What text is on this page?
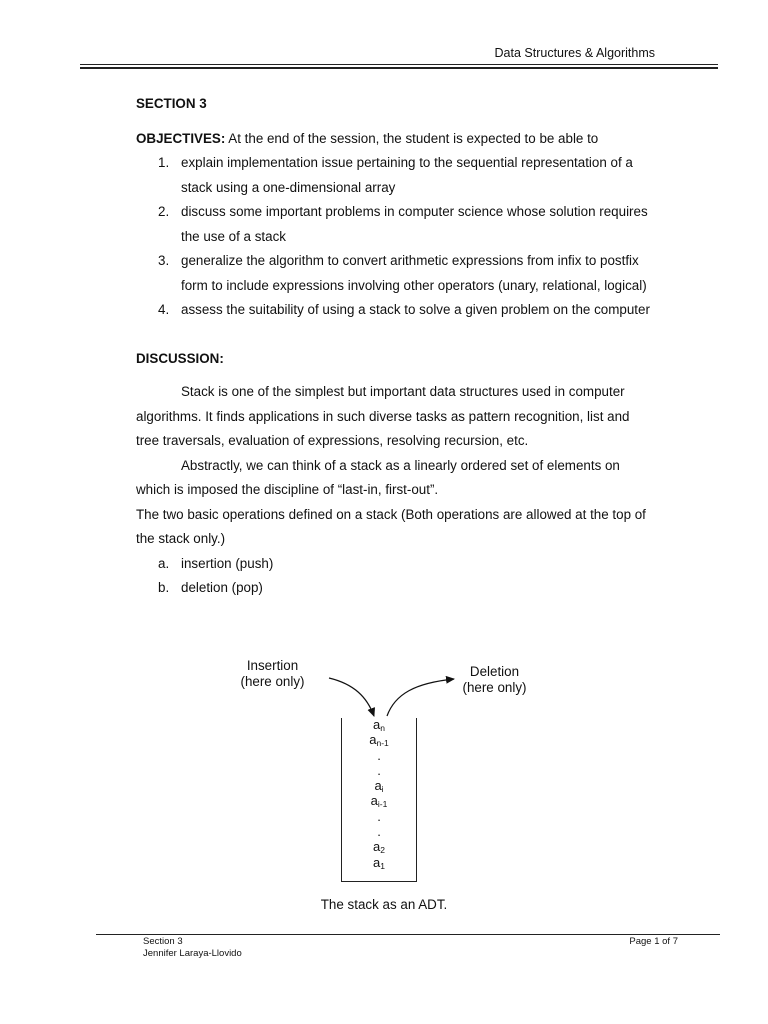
Data Structures & Algorithms
SECTION 3
OBJECTIVES: At the end of the session, the student is expected to be able to
1. explain implementation issue pertaining to the sequential representation of a stack using a one-dimensional array
2. discuss some important problems in computer science whose solution requires the use of a stack
3. generalize the algorithm to convert arithmetic expressions from infix to postfix form to include expressions involving other operators (unary, relational, logical)
4. assess the suitability of using a stack to solve a given problem on the computer
DISCUSSION:

Stack is one of the simplest but important data structures used in computer algorithms. It finds applications in such diverse tasks as pattern recognition, list and tree traversals, evaluation of expressions, resolving recursion, etc.

Abstractly, we can think of a stack as a linearly ordered set of elements on which is imposed the discipline of “last-in, first-out”.

The two basic operations defined on a stack (Both operations are allowed at the top of the stack only.)

a. insertion (push)
b. deletion (pop)
Insertion
(here only)
Deletion
(here only)
$a_n$
$a_{n-1}$
.
.
$a_i$
$a_{i-1}$
.
.
$a_2$
$a_1$
The stack as an ADT.
Section 3
Jennifer Laraya-Llovido
Page 1 of 7
